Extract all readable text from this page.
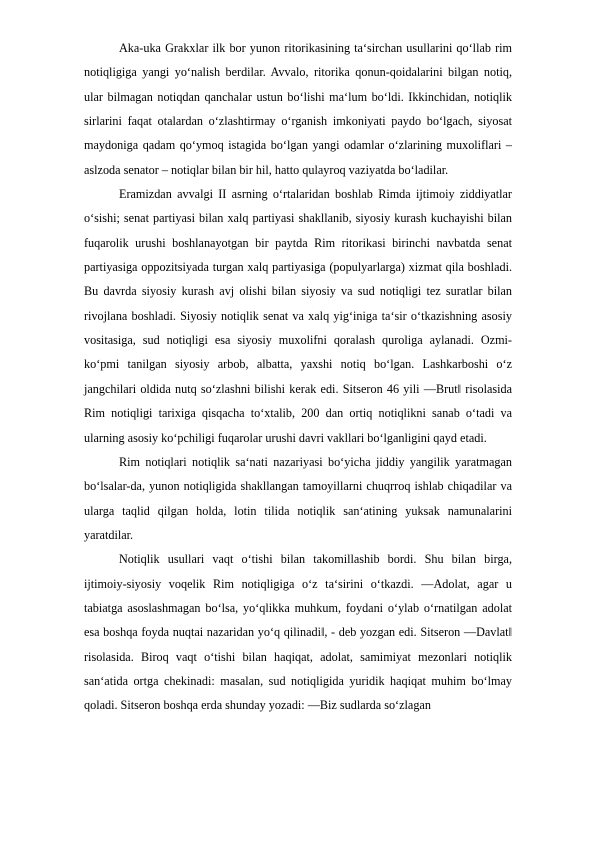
Aka-uka Grakxlar ilk bor yunon ritorikasining ta‘sirchan usullarini qo‘llab rim notiqligiga yangi yo‘nalish berdilar. Avvalo, ritorika qonun-qoidalarini bilgan notiq, ular bilmagan notiqdan qanchalar ustun bo‘lishi ma‘lum bo‘ldi. Ikkinchidan, notiqlik sirlarini faqat otalardan o‘zlashtirmay o‘rganish imkoniyati paydo bo‘lgach, siyosat maydoniga qadam qo‘ymoq istagida bo‘lgan yangi odamlar o‘zlarining muxoliflari – aslzoda senator – notiqlar bilan bir hil, hatto qulayroq vaziyatda bo‘ladilar.

Eramizdan avvalgi II asrning o‘rtalaridan boshlab Rimda ijtimoiy ziddiyatlar o‘sishi; senat partiyasi bilan xalq partiyasi shakllanib, siyosiy kurash kuchayishi bilan fuqarolik urushi boshlanayotgan bir paytda Rim ritorikasi birinchi navbatda senat partiyasiga oppozitsiyada turgan xalq partiyasiga (populyarlarga) xizmat qila boshladi. Bu davrda siyosiy kurash avj olishi bilan siyosiy va sud notiqligi tez suratlar bilan rivojlana boshladi. Siyosiy notiqlik senat va xalq yig‘iniga ta‘sir o‘tkazishning asosiy vositasiga, sud notiqligi esa siyosiy muxolifni qoralash quroliga aylanadi. Ozmi-ko‘pmi tanilgan siyosiy arbob, albatta, yaxshi notiq bo‘lgan. Lashkarboshi o‘z jangchilari oldida nutq so‘zlashni bilishi kerak edi. Sitseron 46 yili ―Brut‖ risolasida Rim notiqligi tarixiga qisqacha to‘xtalib, 200 dan ortiq notiqlikni sanab o‘tadi va ularning asosiy ko‘pchiligi fuqarolar urushi davri vakllari bo‘lganligini qayd etadi.

Rim notiqlari notiqlik sa‘nati nazariyasi bo‘yicha jiddiy yangilik yaratmagan bo‘lsalar-da, yunon notiqligida shakllangan tamoyillarni chuqrroq ishlab chiqadilar va ularga taqlid qilgan holda, lotin tilida notiqlik san‘atining yuksak namunalarini yaratdilar.

Notiqlik usullari vaqt o‘tishi bilan takomillashib bordi. Shu bilan birga, ijtimoiy-siyosiy voqelik Rim notiqligiga o‘z ta‘sirini o‘tkazdi. ―Adolat, agar u tabiatga asoslashmagan bo‘lsa, yo‘qlikka muhkum, foydani o‘ylab o‘rnatilgan adolat esa boshqa foyda nuqtai nazaridan yo‘q qilinadi‖, - deb yozgan edi. Sitseron ―Davlat‖ risolasida. Biroq vaqt o‘tishi bilan haqiqat, adolat, samimiyat mezonlari notiqlik san‘atida ortga chekinadi: masalan, sud notiqligida yuridik haqiqat muhim bo‘lmay qoladi. Sitseron boshqa erda shunday yozadi: ―Biz sudlarda so‘zlagan
